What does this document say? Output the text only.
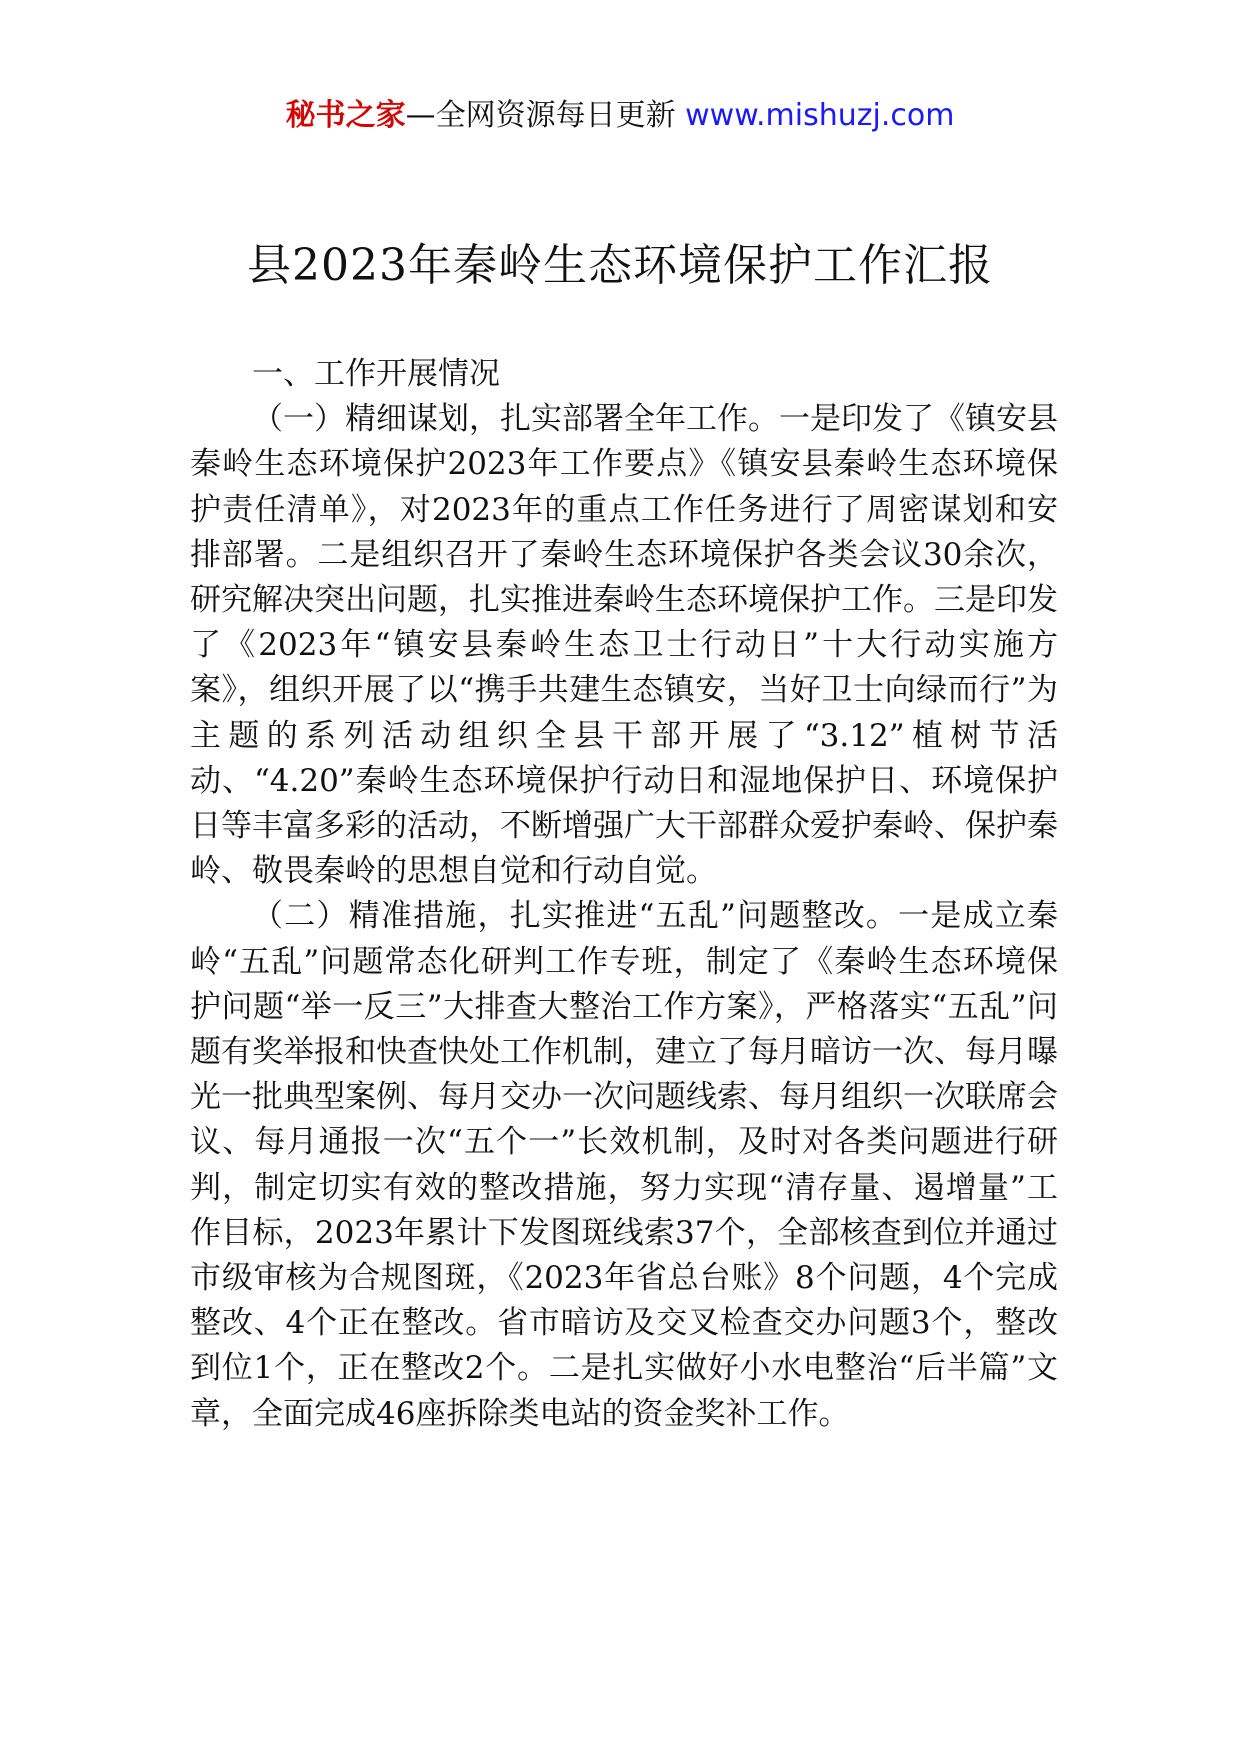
秘书之家—全网资源每日更新 www.mishuzj.com
县2023年秦岭生态环境保护工作汇报

一、工作开展情况

（一）精细谋划，扎实部署全年工作。一是印发了《镇安县秦岭生态环境保护2023年工作要点》《镇安县秦岭生态环境保护责任清单》，对2023年的重点工作任务进行了周密谋划和安排部署。二是组织召开了秦岭生态环境保护各类会议30余次，研究解决突出问题，扎实推进秦岭生态环境保护工作。三是印发了《2023年“镇安县秦岭生态卫士行动日”十大行动实施方案》，组织开展了以“携手共建生态镇安，当好卫士向绿而行”为主题的系列活动组织全县干部开展了“3.12”植树节活动、“4.20”秦岭生态环境保护行动日和湿地保护日、环境保护日等丰富多彩的活动，不断增强广大干部群众爱护秦岭、保护秦岭、敬畏秦岭的思想自觉和行动自觉。

（二）精准措施，扎实推进“五乱”问题整改。一是成立秦岭“五乱”问题常态化研判工作专班，制定了《秦岭生态环境保护问题“举一反三”大排查大整治工作方案》，严格落实“五乱”问题有奖举报和快查快处工作机制，建立了每月暗访一次、每月曝光一批典型案例、每月交办一次问题线索、每月组织一次联席会议、每月通报一次“五个一”长效机制，及时对各类问题进行研判，制定切实有效的整改措施，努力实现“清存量、遏增量”工作目标，2023年累计下发图斑线索37个，全部核查到位并通过市级审核为合规图斑，《2023年省总台账》8个问题，4个完成整改、4个正在整改。省市暗访及交叉检查交办问题3个，整改到位1个，正在整改2个。二是扎实做好小水电整治“后半篇”文章，全面完成46座拆除类电站的资金奖补工作。
